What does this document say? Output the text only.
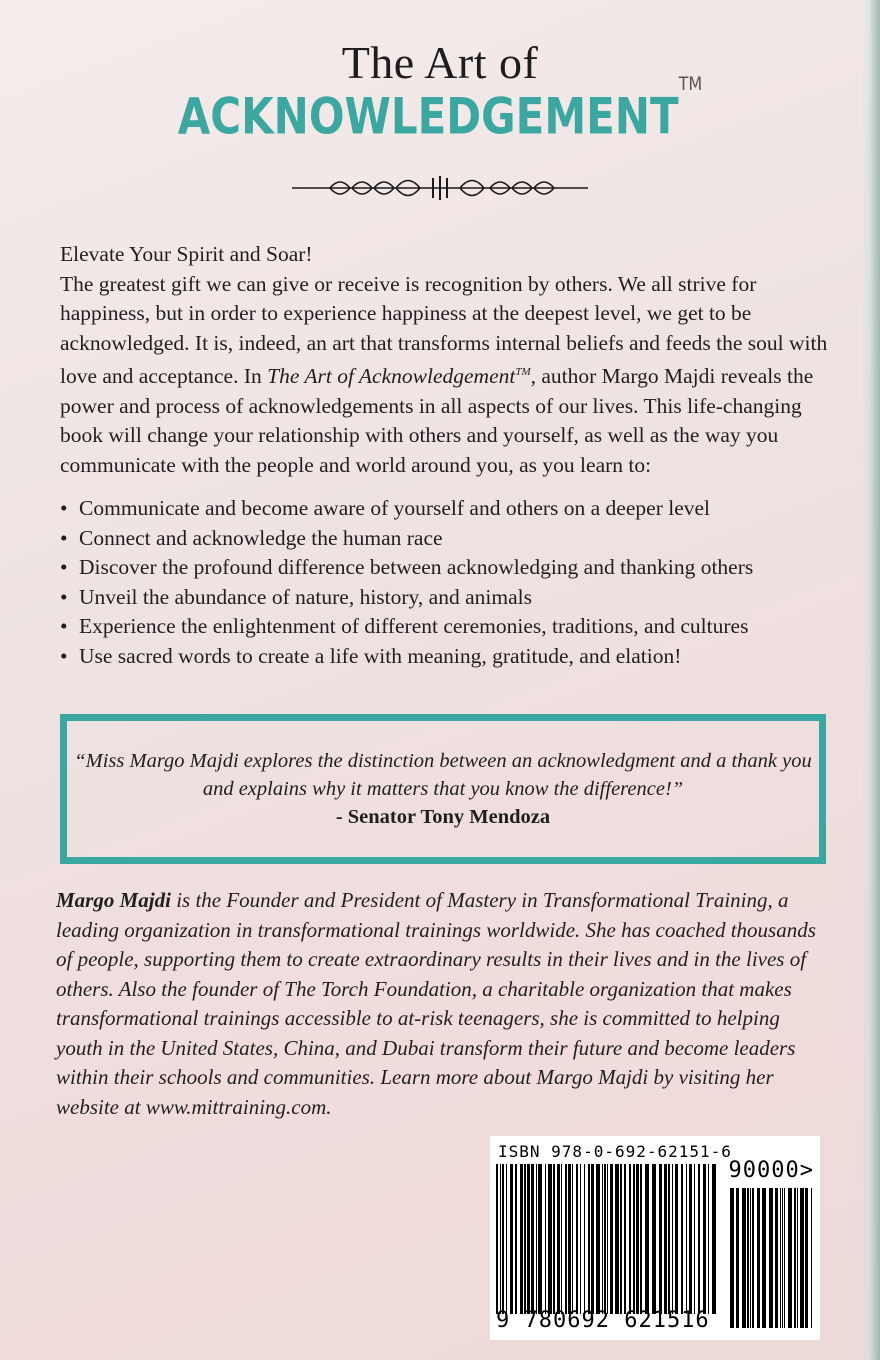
The Art of
ACKNOWLEDGEMENT™

Elevate Your Spirit and Soar!

The greatest gift we can give or receive is recognition by others. We all strive for happiness, but in order to experience happiness at the deepest level, we get to be acknowledged. It is, indeed, an art that transforms internal beliefs and feeds the soul with love and acceptance. In The Art of Acknowledgement™, author Margo Majdi reveals the power and process of acknowledgements in all aspects of our lives. This life-changing book will change your relationship with others and yourself, as well as the way you communicate with the people and world around you, as you learn to:

• Communicate and become aware of yourself and others on a deeper level
• Connect and acknowledge the human race
• Discover the profound difference between acknowledging and thanking others
• Unveil the abundance of nature, history, and animals
• Experience the enlightenment of different ceremonies, traditions, and cultures
• Use sacred words to create a life with meaning, gratitude, and elation!
“Miss Margo Majdi explores the distinction between an acknowledgment and a thank you and explains why it matters that you know the difference!”
- Senator Tony Mendoza
Margo Majdi is the Founder and President of Mastery in Transformational Training, a leading organization in transformational trainings worldwide. She has coached thousands of people, supporting them to create extraordinary results in their lives and in the lives of others. Also the founder of The Torch Foundation, a charitable organization that makes transformational trainings accessible to at-risk teenagers, she is committed to helping youth in the United States, China, and Dubai transform their future and become leaders within their schools and communities. Learn more about Margo Majdi by visiting her website at www.mittraining.com.
ISBN 978-0-692-62151-6
90000>
9 780692 621516
